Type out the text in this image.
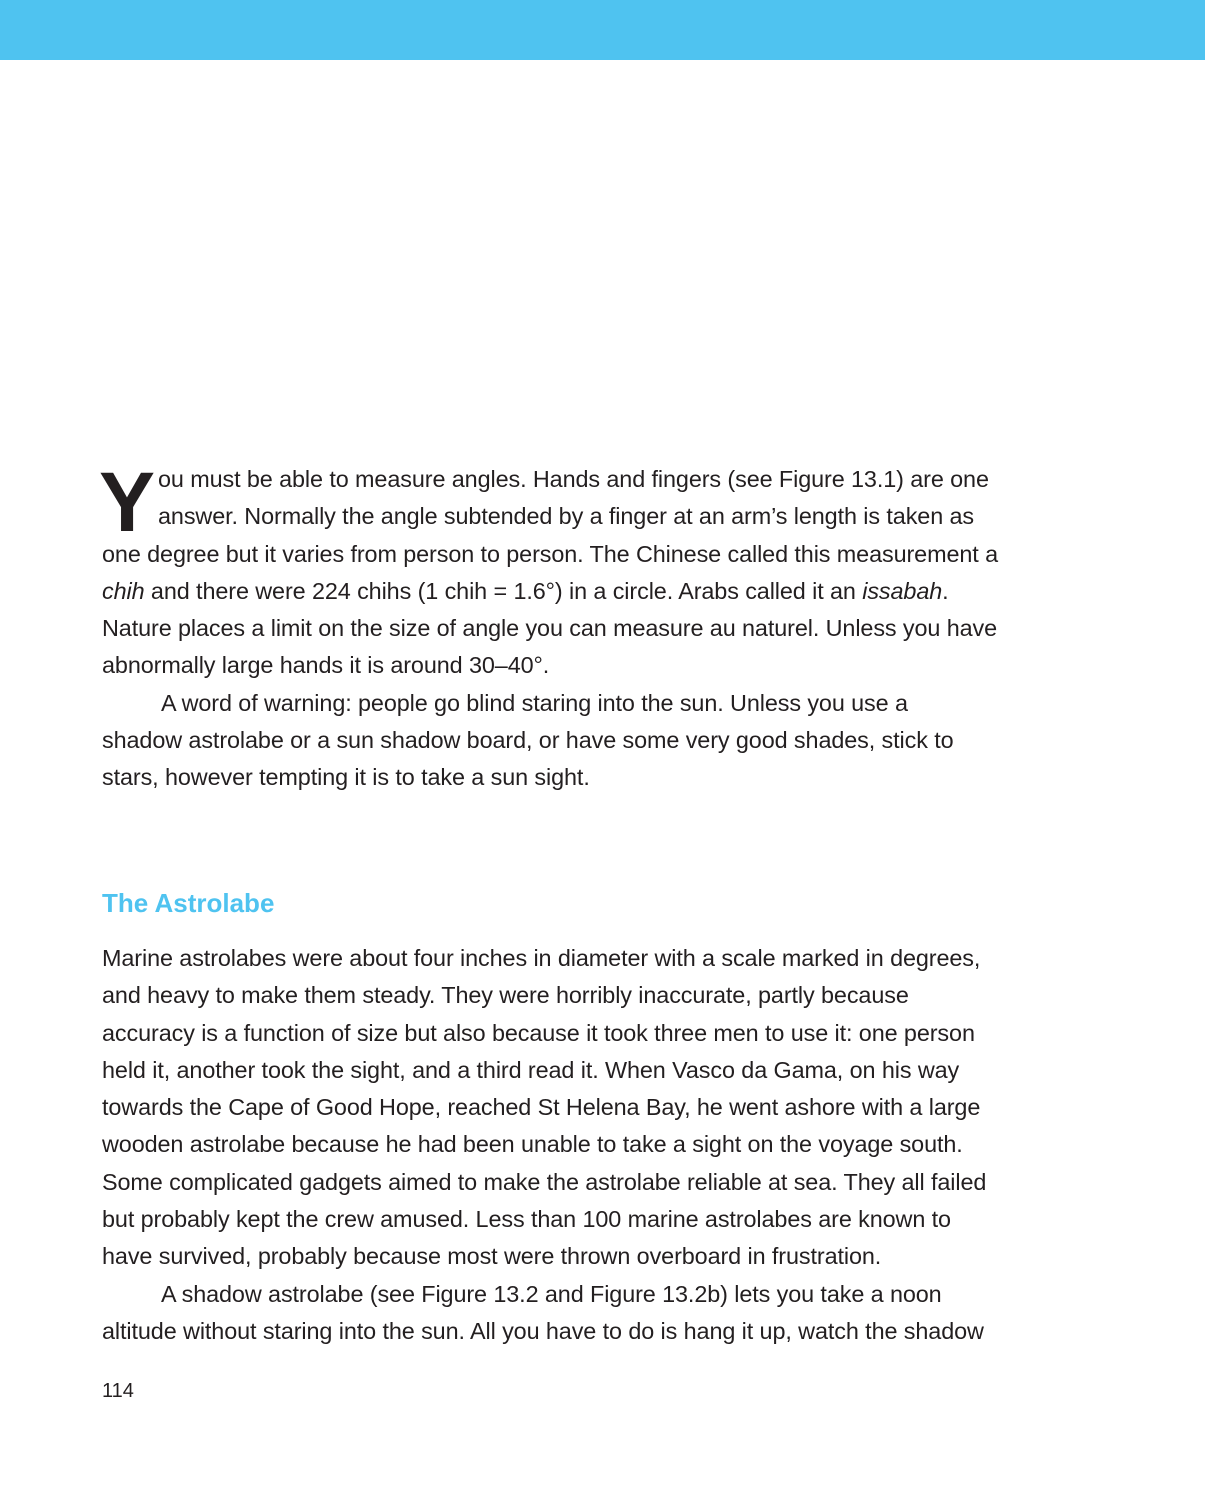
Y ou must be able to measure angles. Hands and fingers (see Figure 13.1) are one
answer. Normally the angle subtended by a finger at an arm’s length is taken as
one degree but it varies from person to person. The Chinese called this measurement a
chih and there were 224 chihs (1 chih = 1.6°) in a circle. Arabs called it an issabah.
Nature places a limit on the size of angle you can measure au naturel. Unless you have
abnormally large hands it is around 30–40°.
A word of warning: people go blind staring into the sun. Unless you use a
shadow astrolabe or a sun shadow board, or have some very good shades, stick to
stars, however tempting it is to take a sun sight.
The Astrolabe
Marine astrolabes were about four inches in diameter with a scale marked in degrees,
and heavy to make them steady. They were horribly inaccurate, partly because
accuracy is a function of size but also because it took three men to use it: one person
held it, another took the sight, and a third read it. When Vasco da Gama, on his way
towards the Cape of Good Hope, reached St Helena Bay, he went ashore with a large
wooden astrolabe because he had been unable to take a sight on the voyage south.
Some complicated gadgets aimed to make the astrolabe reliable at sea. They all failed
but probably kept the crew amused. Less than 100 marine astrolabes are known to
have survived, probably because most were thrown overboard in frustration.
A shadow astrolabe (see Figure 13.2 and Figure 13.2b) lets you take a noon
altitude without staring into the sun. All you have to do is hang it up, watch the shadow
114
